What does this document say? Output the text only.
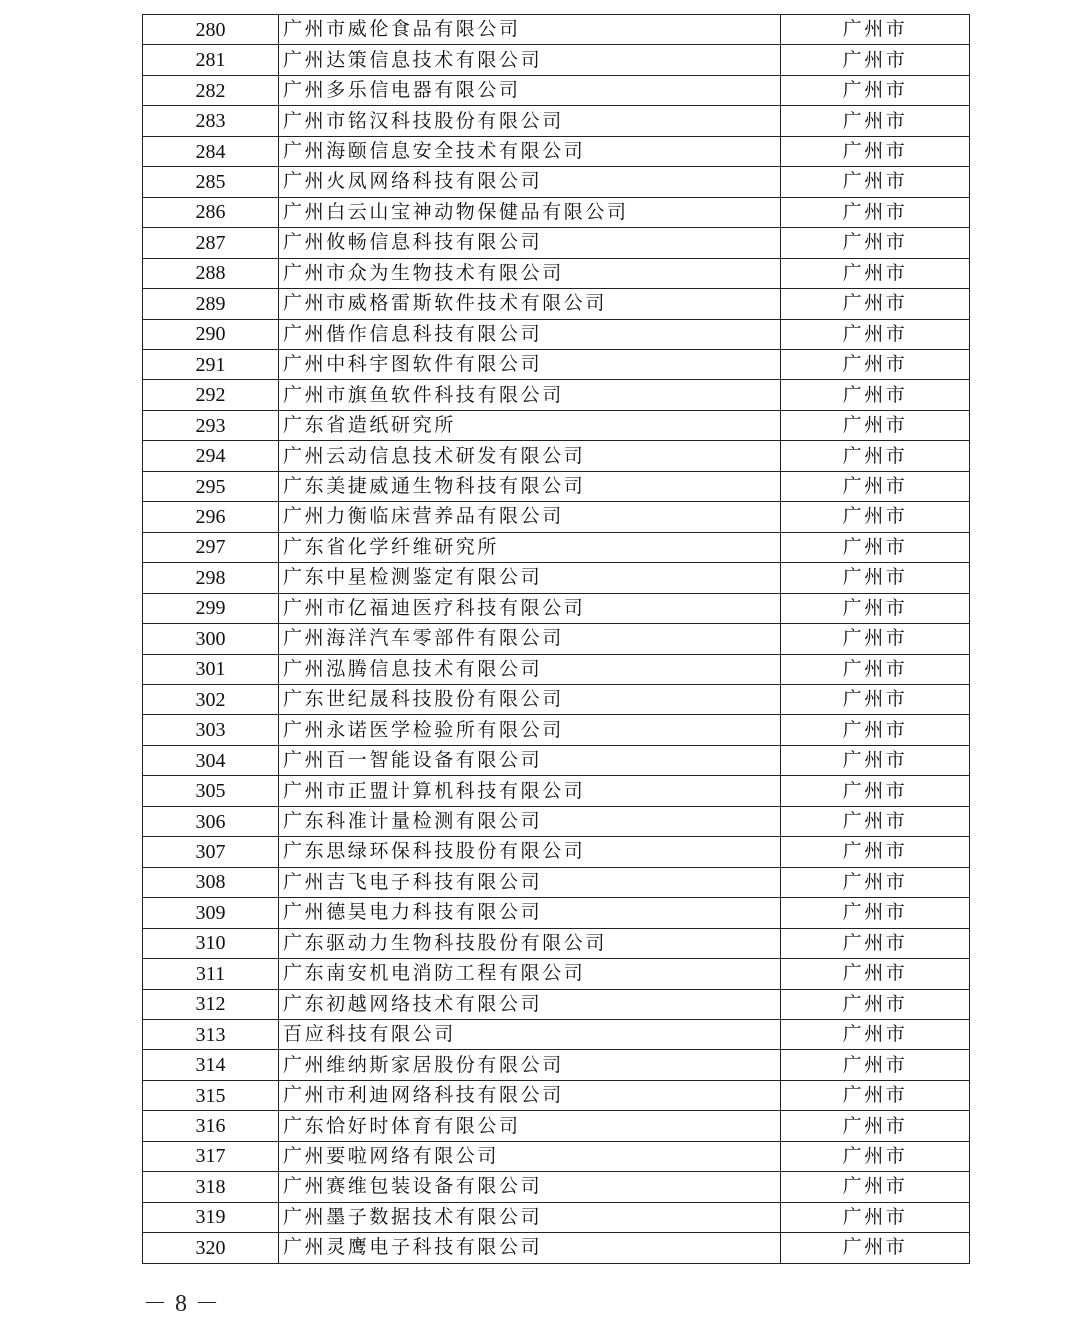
280	广州市威伦食品有限公司	广州市
281	广州达策信息技术有限公司	广州市
282	广州多乐信电器有限公司	广州市
283	广州市铭汉科技股份有限公司	广州市
284	广州海颐信息安全技术有限公司	广州市
285	广州火凤网络科技有限公司	广州市
286	广州白云山宝神动物保健品有限公司	广州市
287	广州攸畅信息科技有限公司	广州市
288	广州市众为生物技术有限公司	广州市
289	广州市威格雷斯软件技术有限公司	广州市
290	广州偕作信息科技有限公司	广州市
291	广州中科宇图软件有限公司	广州市
292	广州市旗鱼软件科技有限公司	广州市
293	广东省造纸研究所	广州市
294	广州云动信息技术研发有限公司	广州市
295	广东美捷威通生物科技有限公司	广州市
296	广州力衡临床营养品有限公司	广州市
297	广东省化学纤维研究所	广州市
298	广东中星检测鉴定有限公司	广州市
299	广州市亿福迪医疗科技有限公司	广州市
300	广州海洋汽车零部件有限公司	广州市
301	广州泓腾信息技术有限公司	广州市
302	广东世纪晟科技股份有限公司	广州市
303	广州永诺医学检验所有限公司	广州市
304	广州百一智能设备有限公司	广州市
305	广州市正盟计算机科技有限公司	广州市
306	广东科准计量检测有限公司	广州市
307	广东思绿环保科技股份有限公司	广州市
308	广州吉飞电子科技有限公司	广州市
309	广州德昊电力科技有限公司	广州市
310	广东驱动力生物科技股份有限公司	广州市
311	广东南安机电消防工程有限公司	广州市
312	广东初越网络技术有限公司	广州市
313	百应科技有限公司	广州市
314	广州维纳斯家居股份有限公司	广州市
315	广州市利迪网络科技有限公司	广州市
316	广东恰好时体育有限公司	广州市
317	广州要啦网络有限公司	广州市
318	广州赛维包装设备有限公司	广州市
319	广州墨子数据技术有限公司	广州市
320	广州灵鹰电子科技有限公司	广州市
－ 8 －
